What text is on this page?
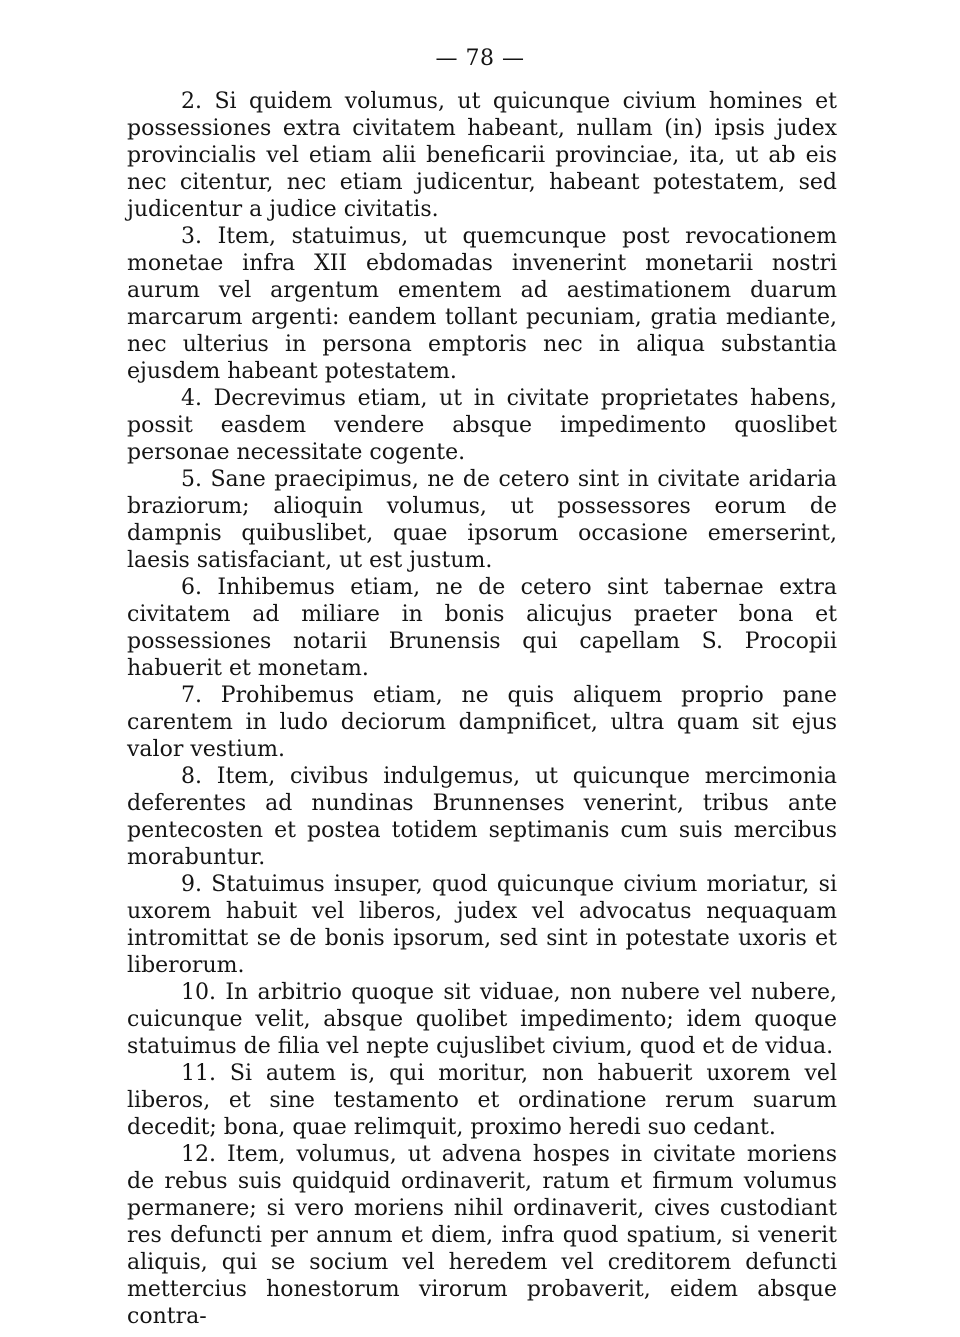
— 78 —

2. Si quidem volumus, ut quicunque civium homines et possessiones extra civitatem habeant, nullam (in) ipsis judex provincialis vel etiam alii beneficarii provinciae, ita, ut ab eis nec citentur, nec etiam judicentur, habeant potestatem, sed judicentur a judice civitatis.

3. Item, statuimus, ut quemcunque post revocationem monetae infra XII ebdomadas invenerint monetarii nostri aurum vel argentum ementem ad aestimationem duarum marcarum argenti: eandem tollant pecuniam, gratia mediante, nec ulterius in persona emptoris nec in aliqua substantia ejusdem habeant potestatem.

4. Decrevimus etiam, ut in civitate proprietates habens, possit easdem vendere absque impedimento quoslibet personae necessitate cogente.

5. Sane praecipimus, ne de cetero sint in civitate aridaria braziorum; alioquin volumus, ut possessores eorum de dampnis quibuslibet, quae ipsorum occasione emerserint, laesis satisfaciant, ut est justum.

6. Inhibemus etiam, ne de cetero sint tabernae extra civitatem ad miliare in bonis alicujus praeter bona et possessiones notarii Brunensis qui capellam S. Procopii habuerit et monetam.

7. Prohibemus etiam, ne quis aliquem proprio pane carentem in ludo deciorum dampnificet, ultra quam sit ejus valor vestium.

8. Item, civibus indulgemus, ut quicunque mercimonia deferentes ad nundinas Brunnenses venerint, tribus ante pentecosten et postea totidem septimanis cum suis mercibus morabuntur.

9. Statuimus insuper, quod quicunque civium moriatur, si uxorem habuit vel liberos, judex vel advocatus nequaquam intromittat se de bonis ipsorum, sed sint in potestate uxoris et liberorum.

10. In arbitrio quoque sit viduae, non nubere vel nubere, cuicunque velit, absque quolibet impedimento; idem quoque statuimus de filia vel nepte cujuslibet civium, quod et de vidua.

11. Si autem is, qui moritur, non habuerit uxorem vel liberos, et sine testamento et ordinatione rerum suarum decedit; bona, quae relimquit, proximo heredi suo cedant.

12. Item, volumus, ut advena hospes in civitate moriens de rebus suis quidquid ordinaverit, ratum et firmum volumus permanere; si vero moriens nihil ordinaverit, cives custodiant res defuncti per annum et diem, infra quod spatium, si venerit aliquis, qui se socium vel heredem vel creditorem defuncti mettercius honestorum virorum probaverit, eidem absque contra-
